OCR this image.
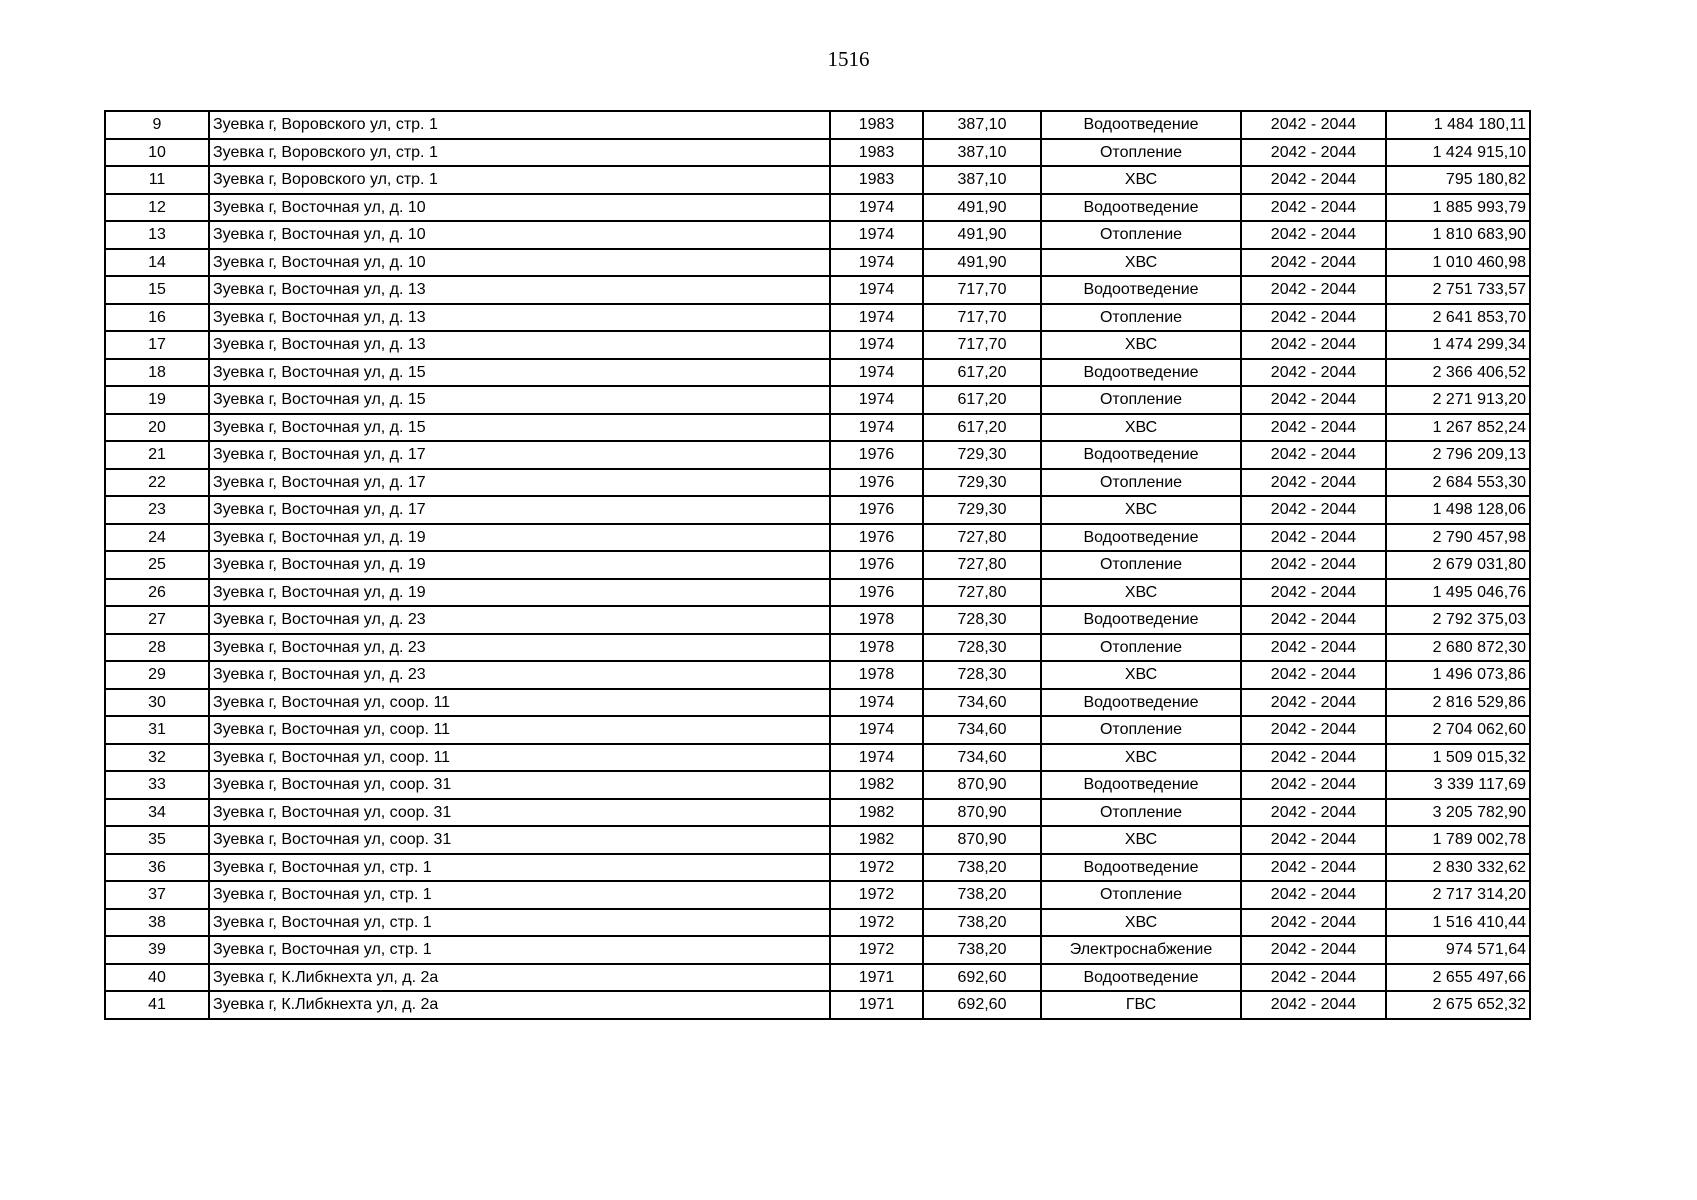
1516
9	Зуевка г, Воровского ул, стр. 1	1983	387,10	Водоотведение	2042 - 2044	1 484 180,11
10	Зуевка г, Воровского ул, стр. 1	1983	387,10	Отопление	2042 - 2044	1 424 915,10
11	Зуевка г, Воровского ул, стр. 1	1983	387,10	ХВС	2042 - 2044	795 180,82
12	Зуевка г, Восточная ул, д. 10	1974	491,90	Водоотведение	2042 - 2044	1 885 993,79
13	Зуевка г, Восточная ул, д. 10	1974	491,90	Отопление	2042 - 2044	1 810 683,90
14	Зуевка г, Восточная ул, д. 10	1974	491,90	ХВС	2042 - 2044	1 010 460,98
15	Зуевка г, Восточная ул, д. 13	1974	717,70	Водоотведение	2042 - 2044	2 751 733,57
16	Зуевка г, Восточная ул, д. 13	1974	717,70	Отопление	2042 - 2044	2 641 853,70
17	Зуевка г, Восточная ул, д. 13	1974	717,70	ХВС	2042 - 2044	1 474 299,34
18	Зуевка г, Восточная ул, д. 15	1974	617,20	Водоотведение	2042 - 2044	2 366 406,52
19	Зуевка г, Восточная ул, д. 15	1974	617,20	Отопление	2042 - 2044	2 271 913,20
20	Зуевка г, Восточная ул, д. 15	1974	617,20	ХВС	2042 - 2044	1 267 852,24
21	Зуевка г, Восточная ул, д. 17	1976	729,30	Водоотведение	2042 - 2044	2 796 209,13
22	Зуевка г, Восточная ул, д. 17	1976	729,30	Отопление	2042 - 2044	2 684 553,30
23	Зуевка г, Восточная ул, д. 17	1976	729,30	ХВС	2042 - 2044	1 498 128,06
24	Зуевка г, Восточная ул, д. 19	1976	727,80	Водоотведение	2042 - 2044	2 790 457,98
25	Зуевка г, Восточная ул, д. 19	1976	727,80	Отопление	2042 - 2044	2 679 031,80
26	Зуевка г, Восточная ул, д. 19	1976	727,80	ХВС	2042 - 2044	1 495 046,76
27	Зуевка г, Восточная ул, д. 23	1978	728,30	Водоотведение	2042 - 2044	2 792 375,03
28	Зуевка г, Восточная ул, д. 23	1978	728,30	Отопление	2042 - 2044	2 680 872,30
29	Зуевка г, Восточная ул, д. 23	1978	728,30	ХВС	2042 - 2044	1 496 073,86
30	Зуевка г, Восточная ул, соор. 11	1974	734,60	Водоотведение	2042 - 2044	2 816 529,86
31	Зуевка г, Восточная ул, соор. 11	1974	734,60	Отопление	2042 - 2044	2 704 062,60
32	Зуевка г, Восточная ул, соор. 11	1974	734,60	ХВС	2042 - 2044	1 509 015,32
33	Зуевка г, Восточная ул, соор. 31	1982	870,90	Водоотведение	2042 - 2044	3 339 117,69
34	Зуевка г, Восточная ул, соор. 31	1982	870,90	Отопление	2042 - 2044	3 205 782,90
35	Зуевка г, Восточная ул, соор. 31	1982	870,90	ХВС	2042 - 2044	1 789 002,78
36	Зуевка г, Восточная ул, стр. 1	1972	738,20	Водоотведение	2042 - 2044	2 830 332,62
37	Зуевка г, Восточная ул, стр. 1	1972	738,20	Отопление	2042 - 2044	2 717 314,20
38	Зуевка г, Восточная ул, стр. 1	1972	738,20	ХВС	2042 - 2044	1 516 410,44
39	Зуевка г, Восточная ул, стр. 1	1972	738,20	Электроснабжение	2042 - 2044	974 571,64
40	Зуевка г, К.Либкнехта ул, д. 2а	1971	692,60	Водоотведение	2042 - 2044	2 655 497,66
41	Зуевка г, К.Либкнехта ул, д. 2а	1971	692,60	ГВС	2042 - 2044	2 675 652,32
